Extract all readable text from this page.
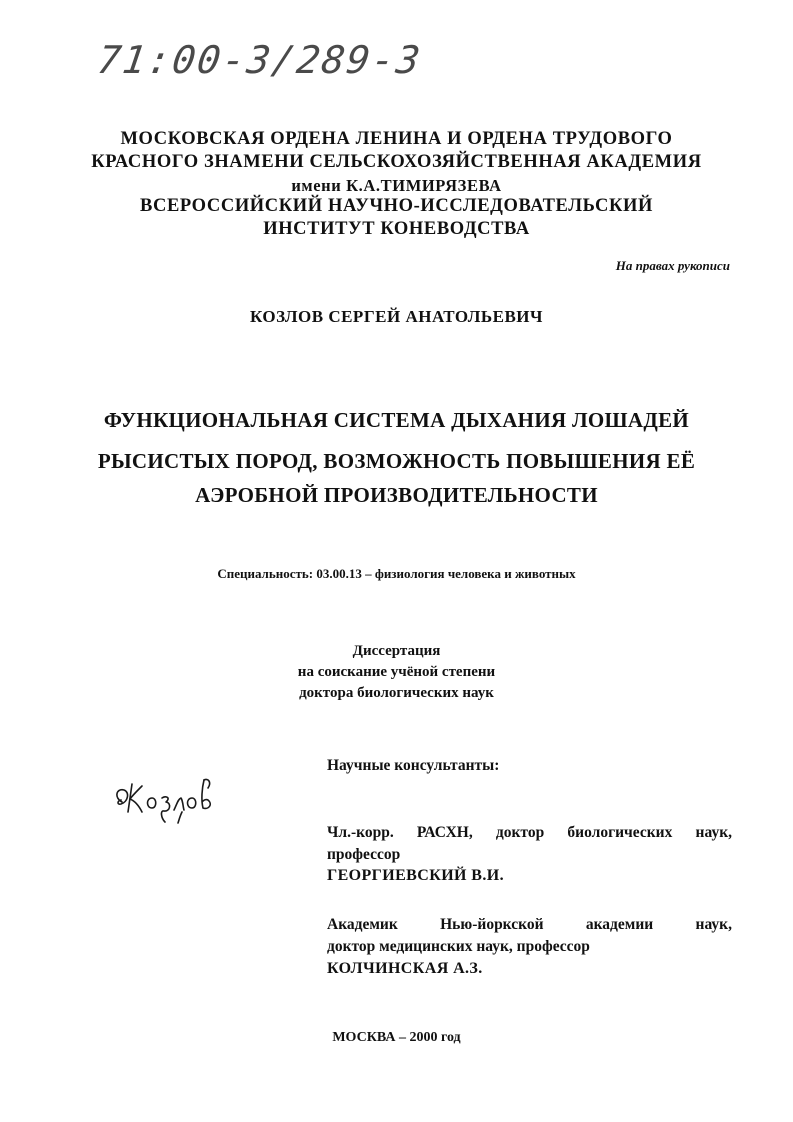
71:00-3/289-3
МОСКОВСКАЯ ОРДЕНА ЛЕНИНА И ОРДЕНА ТРУДОВОГО
КРАСНОГО ЗНАМЕНИ СЕЛЬСКОХОЗЯЙСТВЕННАЯ АКАДЕМИЯ
имени К.А.ТИМИРЯЗЕВА
ВСЕРОССИЙСКИЙ НАУЧНО-ИССЛЕДОВАТЕЛЬСКИЙ
ИНСТИТУТ КОНЕВОДСТВА
На правах рукописи
КОЗЛОВ СЕРГЕЙ АНАТОЛЬЕВИЧ
ФУНКЦИОНАЛЬНАЯ СИСТЕМА ДЫХАНИЯ ЛОШАДЕЙ
РЫСИСТЫХ ПОРОД, ВОЗМОЖНОСТЬ ПОВЫШЕНИЯ ЕЁ
АЭРОБНОЙ ПРОИЗВОДИТЕЛЬНОСТИ
Специальность: 03.00.13 – физиология человека и животных
Диссертация
на соискание учёной степени
доктора биологических наук
Научные консультанты:
Чл.-корр. РАСХН, доктор биологических наук,
профессор
ГЕОРГИЕВСКИЙ В.И.
Академик Нью-йоркской академии наук,
доктор медицинских наук, профессор
КОЛЧИНСКАЯ А.З.
МОСКВА – 2000 год
